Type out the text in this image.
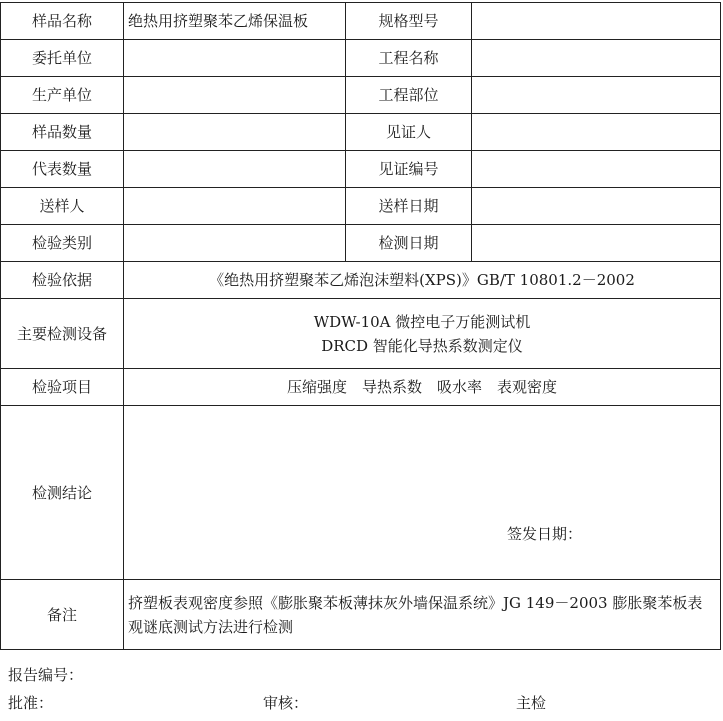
样品名称	绝热用挤塑聚苯乙烯保温板	规格型号	
委托单位		工程名称	
生产单位		工程部位	
样品数量		见证人	
代表数量		见证编号	
送样人		送样日期	
检验类别		检测日期	
检验依据	《绝热用挤塑聚苯乙烯泡沫塑料(XPS)》GB/T 10801.2－2002		
主要检测设备	WDW-10A 微控电子万能测试机
DRCD 智能化导热系数测定仪		

检验项目	压缩强度　导热系数　吸水率　表观密度		
检测结论	签发日期：		

备注	挤塑板表观密度参照《膨胀聚苯板薄抹灰外墙保温系统》JG 149－2003 膨胀聚苯板表观谜底测试方法进行检测		
报告编号：
批准：	审核：	主检
